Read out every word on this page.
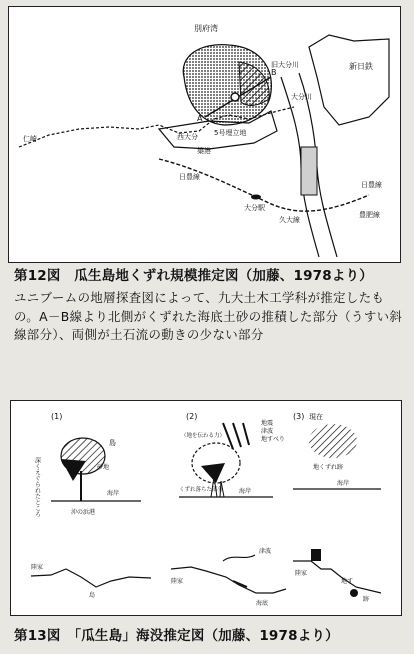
別府湾
A
B
5号埋立地
西大分
築港
大分川
旧大分川	新日鉄
日豊線
大分駅
久大線
日豊線
豊肥線
仁崎
第12図　瓜生島地くずれ規模推定図（加藤、1978より）
ユニブームの地層探査図によって、九大土木工学科が推定したもの。A－B線より北側がくずれた海底土砂の推積した部分（うすい斜線部分）、両側が土石流の動きの少ない部分
(1)
島
砂地
沖の浜港
海岸
深くえぐられたところ
(2)
地震
津波
地すべり
（地を伝わる力）
くずれ落ちた部分	海岸
(3) 現在
地くずれ跡
海岸
陸家
島
陸家
津波
海底
陸家
地す
跡
第13図　「瓜生島」海没推定図（加藤、1978より）
